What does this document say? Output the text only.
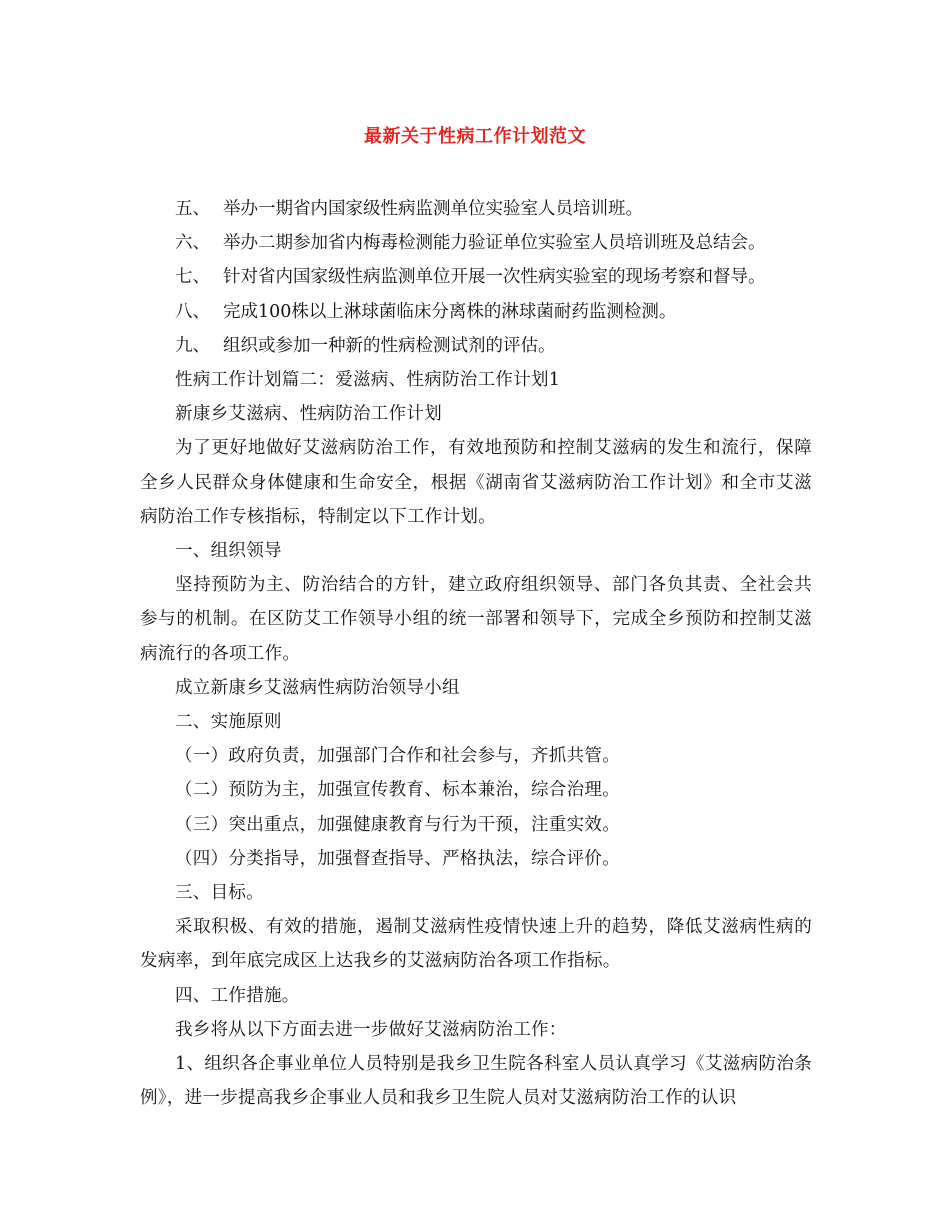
最新关于性病工作计划范文
五、 举办一期省内国家级性病监测单位实验室人员培训班。
六、 举办二期参加省内梅毒检测能力验证单位实验室人员培训班及总结会。
七、 针对省内国家级性病监测单位开展一次性病实验室的现场考察和督导。
八、 完成100株以上淋球菌临床分离株的淋球菌耐药监测检测。
九、 组织或参加一种新的性病检测试剂的评估。

性病工作计划篇二：爱滋病、性病防治工作计划1

新康乡艾滋病、性病防治工作计划

为了更好地做好艾滋病防治工作，有效地预防和控制艾滋病的发生和流行，保障全乡人民群众身体健康和生命安全，根据《湖南省艾滋病防治工作计划》和全市艾滋病防治工作专核指标，特制定以下工作计划。

一、组织领导

坚持预防为主、防治结合的方针，建立政府组织领导、部门各负其责、全社会共参与的机制。在区防艾工作领导小组的统一部署和领导下，完成全乡预防和控制艾滋病流行的各项工作。

成立新康乡艾滋病性病防治领导小组

二、实施原则

（一）政府负责，加强部门合作和社会参与，齐抓共管。

（二）预防为主，加强宣传教育、标本兼治，综合治理。

（三）突出重点，加强健康教育与行为干预，注重实效。

（四）分类指导，加强督查指导、严格执法，综合评价。

三、目标。

采取积极、有效的措施，遏制艾滋病性疫情快速上升的趋势，降低艾滋病性病的发病率，到年底完成区上达我乡的艾滋病防治各项工作指标。

四、工作措施。

我乡将从以下方面去进一步做好艾滋病防治工作：

1、组织各企事业单位人员特别是我乡卫生院各科室人员认真学习《艾滋病防治条例》，进一步提高我乡企事业人员和我乡卫生院人员对艾滋病防治工作的认识
